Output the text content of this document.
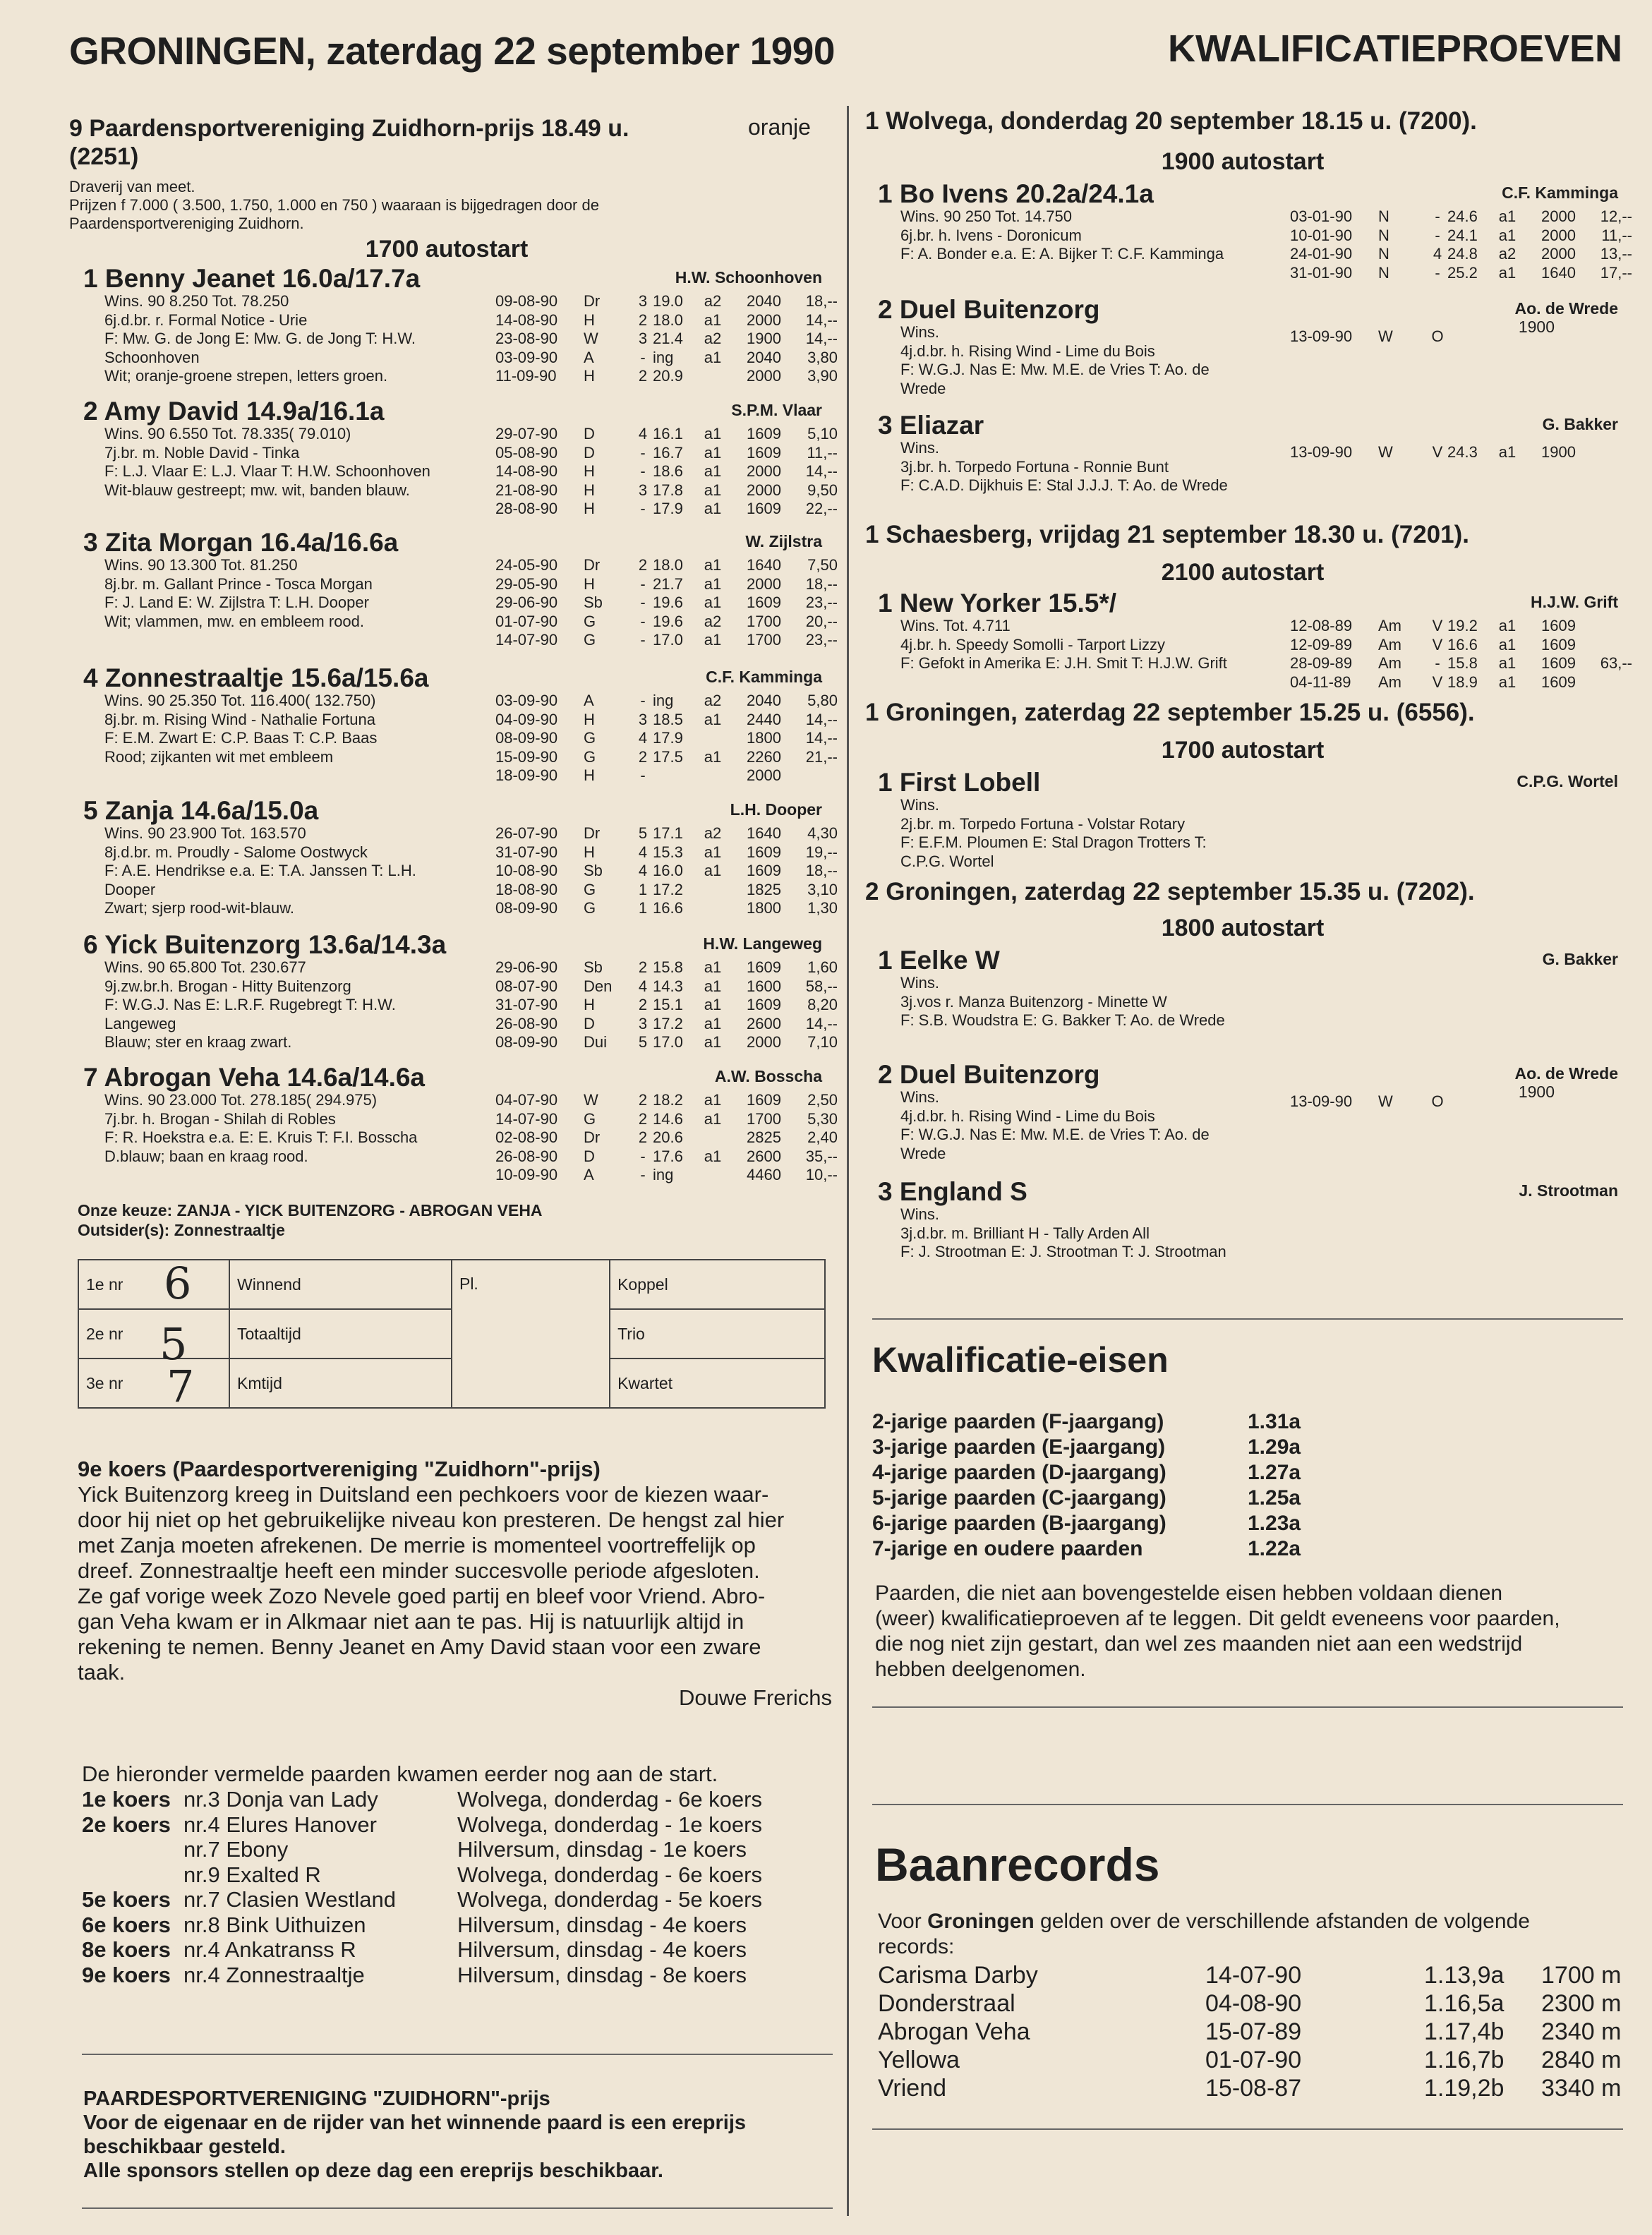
GRONINGEN, zaterdag 22 september 1990	KWALIFICATIEPROEVEN
9 Paardensportvereniging Zuidhorn-prijs 18.49 u.
(2251)
oranje
Draverij van meet.
Prijzen f 7.000 ( 3.500, 1.750, 1.000 en 750 ) waaraan is bijgedragen door de
Paardensportvereniging Zuidhorn.
1700 autostart
1 Benny Jeanet 16.0a/17.7a	H.W. Schoonhoven
Wins. 90 8.250 Tot. 78.250
6j.d.br. r. Formal Notice - Urie
F: Mw. G. de Jong E: Mw. G. de Jong T: H.W.
Schoonhoven
Wit; oranje-groene strepen, letters groen.
09-08-90 Dr 3 19.0 a2 2040 18,--
14-08-90 H	2 18.0 a1 2000 14,--
23-08-90 W	3 21.4 a2 1900 14,--
03-09-90 A	- ing a1 2040 3,80
11-09-90 H	2 20.9	2000 3,90
2 Amy David 14.9a/16.1a	S.P.M. Vlaar
Wins. 90 6.550 Tot. 78.335( 79.010)
7j.br. m. Noble David - Tinka
F: L.J. Vlaar E: L.J. Vlaar T: H.W. Schoonhoven
Wit-blauw gestreept; mw. wit, banden blauw.
29-07-90 D	4 16.1 a1 1609 5,10
05-08-90 D	- 16.7 a1 1609 11,--
14-08-90 H	- 18.6 a1 2000 14,--
21-08-90 H	3 17.8 a1 2000 9,50
28-08-90 H	- 17.9 a1 1609 22,--
3 Zita Morgan 16.4a/16.6a	W. Zijlstra
Wins. 90 13.300 Tot. 81.250
8j.br. m. Gallant Prince - Tosca Morgan
F: J. Land E: W. Zijlstra T: L.H. Dooper
Wit; vlammen, mw. en embleem rood.
24-05-90 Dr 2 18.0 a1 1640 7,50
29-05-90 H	- 21.7 a1 2000 18,--
29-06-90 Sb - 19.6 a1 1609 23,--
01-07-90 G	- 19.6 a2 1700 20,--
14-07-90 G	- 17.0 a1 1700 23,--
4 Zonnestraaltje 15.6a/15.6a	C.F. Kamminga
Wins. 90 25.350 Tot. 116.400( 132.750)
8j.br. m. Rising Wind - Nathalie Fortuna
F: E.M. Zwart E: C.P. Baas T: C.P. Baas
Rood; zijkanten wit met embleem
03-09-90 A	- ing a2 2040 5,80
04-09-90 H	3 18.5 a1 2440 14,--
08-09-90 G	4 17.9	1800 14,--
15-09-90 G	2 17.5 a1 2260 21,--
18-09-90 H	-	2000
5 Zanja 14.6a/15.0a	L.H. Dooper
Wins. 90 23.900 Tot. 163.570
8j.d.br. m. Proudly - Salome Oostwyck
F: A.E. Hendrikse e.a. E: T.A. Janssen T: L.H.
Dooper
Zwart; sjerp rood-wit-blauw.
26-07-90 Dr 5 17.1 a2 1640 4,30
31-07-90 H	4 15.3 a1 1609 19,--
10-08-90 Sb 4 16.0 a1 1609 18,--
18-08-90 G	1 17.2	1825 3,10
08-09-90 G	1 16.6	1800 1,30
6 Yick Buitenzorg 13.6a/14.3a	H.W. Langeweg
Wins. 90 65.800 Tot. 230.677
9j.zw.br.h. Brogan - Hitty Buitenzorg
F: W.G.J. Nas E: L.R.F. Rugebregt T: H.W.
Langeweg
Blauw; ster en kraag zwart.
29-06-90 Sb 2 15.8 a1 1609 1,60
08-07-90 Den 4 14.3 a1 1600 58,--
31-07-90 H	2 15.1 a1 1609 8,20
26-08-90 D	3 17.2 a1 2600 14,--
08-09-90 Dui 5 17.0 a1 2000 7,10
7 Abrogan Veha 14.6a/14.6a	A.W. Bosscha
Wins. 90 23.000 Tot. 278.185( 294.975)
7j.br. h. Brogan - Shilah di Robles
F: R. Hoekstra e.a. E: E. Kruis T: F.I. Bosscha
D.blauw; baan en kraag rood.
04-07-90 W	2 18.2 a1 1609 2,50
14-07-90 G	2 14.6 a1 1700 5,30
02-08-90 Dr 2 20.6	2825 2,40
26-08-90 D	- 17.6 a1 2600 35,--
10-09-90 A	- ing	4460 10,--
Onze keuze: ZANJA - YICK BUITENZORG - ABROGAN VEHA
Outsider(s): Zonnestraaltje
1e nr	Winnend	Pl.	Koppel
2e nr	Totaaltijd		Trio
3e nr	Kmtijd		Kwartet
6
5
7
9e koers (Paardesportvereniging "Zuidhorn"-prijs)
Yick Buitenzorg kreeg in Duitsland een pechkoers voor de kiezen waar-
door hij niet op het gebruikelijke niveau kon presteren. De hengst zal hier
met Zanja moeten afrekenen. De merrie is momenteel voortreffelijk op
dreef. Zonnestraaltje heeft een minder succesvolle periode afgesloten.
Ze gaf vorige week Zozo Nevele goed partij en bleef voor Vriend. Abro-
gan Veha kwam er in Alkmaar niet aan te pas. Hij is natuurlijk altijd in
rekening te nemen. Benny Jeanet en Amy David staan voor een zware
taak.
Douwe Frerichs
De hieronder vermelde paarden kwamen eerder nog aan de start.
1e koers nr.3 Donja van Lady	Wolvega, donderdag - 6e koers
2e koers nr.4 Elures Hanover	Wolvega, donderdag - 1e koers
nr.7 Ebony	Hilversum, dinsdag - 1e koers
nr.9 Exalted R	Wolvega, donderdag - 6e koers
5e koers nr.7 Clasien Westland	Wolvega, donderdag - 5e koers
6e koers nr.8 Bink Uithuizen	Hilversum, dinsdag - 4e koers
8e koers nr.4 Ankatranss R	Hilversum, dinsdag - 4e koers
9e koers nr.4 Zonnestraaltje	Hilversum, dinsdag - 8e koers
PAARDESPORTVERENIGING "ZUIDHORN"-prijs
Voor de eigenaar en de rijder van het winnende paard is een ereprijs
beschikbaar gesteld.
Alle sponsors stellen op deze dag een ereprijs beschikbaar.
1 Wolvega, donderdag 20 september 18.15 u. (7200).
1900 autostart
1 Bo Ivens 20.2a/24.1a	C.F. Kamminga
Wins. 90 250 Tot. 14.750
6j.br. h. Ivens - Doronicum
F: A. Bonder e.a. E: A. Bijker T: C.F. Kamminga
03-01-90 N	- 24.6 a1 2000 12,--
10-01-90 N	- 24.1 a1 2000 11,--
24-01-90 N	4 24.8 a2 2000 13,--
31-01-90 N	- 25.2 a1 1640 17,--
2 Duel Buitenzorg	Ao. de Wrede
1900
Wins.
4j.d.br. h. Rising Wind - Lime du Bois
F: W.G.J. Nas E: Mw. M.E. de Vries T: Ao. de
Wrede
13-09-90 W O
3 Eliazar	G. Bakker
Wins.
3j.br. h. Torpedo Fortuna - Ronnie Bunt
F: C.A.D. Dijkhuis E: Stal J.J.J. T: Ao. de Wrede
13-09-90 W	V 24.3 a1 1900
1 Schaesberg, vrijdag 21 september 18.30 u. (7201).
2100 autostart
1 New Yorker 15.5*/	H.J.W. Grift
Wins. Tot. 4.711
4j.br. h. Speedy Somolli - Tarport Lizzy
F: Gefokt in Amerika E: J.H. Smit T: H.J.W. Grift
12-08-89 Am V 19.2 a1 1609
12-09-89 Am V 16.6 a1 1609
28-09-89 Am - 15.8 a1 1609 63,--
04-11-89 Am V 18.9 a1 1609
1 Groningen, zaterdag 22 september 15.25 u. (6556).
1700 autostart
1 First Lobell	C.P.G. Wortel
Wins.
2j.br. m. Torpedo Fortuna - Volstar Rotary
F: E.F.M. Ploumen E: Stal Dragon Trotters T:
C.P.G. Wortel
2 Groningen, zaterdag 22 september 15.35 u. (7202).
1800 autostart
1 Eelke W	G. Bakker
Wins.
3j.vos r. Manza Buitenzorg - Minette W
F: S.B. Woudstra E: G. Bakker T: Ao. de Wrede
2 Duel Buitenzorg	Ao. de Wrede
1900
Wins.
4j.d.br. h. Rising Wind - Lime du Bois
F: W.G.J. Nas E: Mw. M.E. de Vries T: Ao. de
Wrede
13-09-90 W O
3 England S	J. Strootman
Wins.
3j.d.br. m. Brilliant H - Tally Arden All
F: J. Strootman E: J. Strootman T: J. Strootman
Kwalificatie-eisen
2-jarige paarden (F-jaargang)	1.31a
3-jarige paarden (E-jaargang)	1.29a
4-jarige paarden (D-jaargang)	1.27a
5-jarige paarden (C-jaargang)	1.25a
6-jarige paarden (B-jaargang)	1.23a
7-jarige en oudere paarden	1.22a
Paarden, die niet aan bovengestelde eisen hebben voldaan dienen
(weer) kwalificatieproeven af te leggen. Dit geldt eveneens voor paarden,
die nog niet zijn gestart, dan wel zes maanden niet aan een wedstrijd
hebben deelgenomen.
Baanrecords
Voor Groningen gelden over de verschillende afstanden de volgende
records:
Carisma Darby	14-07-90	1.13,9a 1700 m
Donderstraal	04-08-90	1.16,5a 2300 m
Abrogan Veha	15-07-89	1.17,4b 2340 m
Yellowa	01-07-90	1.16,7b 2840 m
Vriend	15-08-87	1.19,2b 3340 m
